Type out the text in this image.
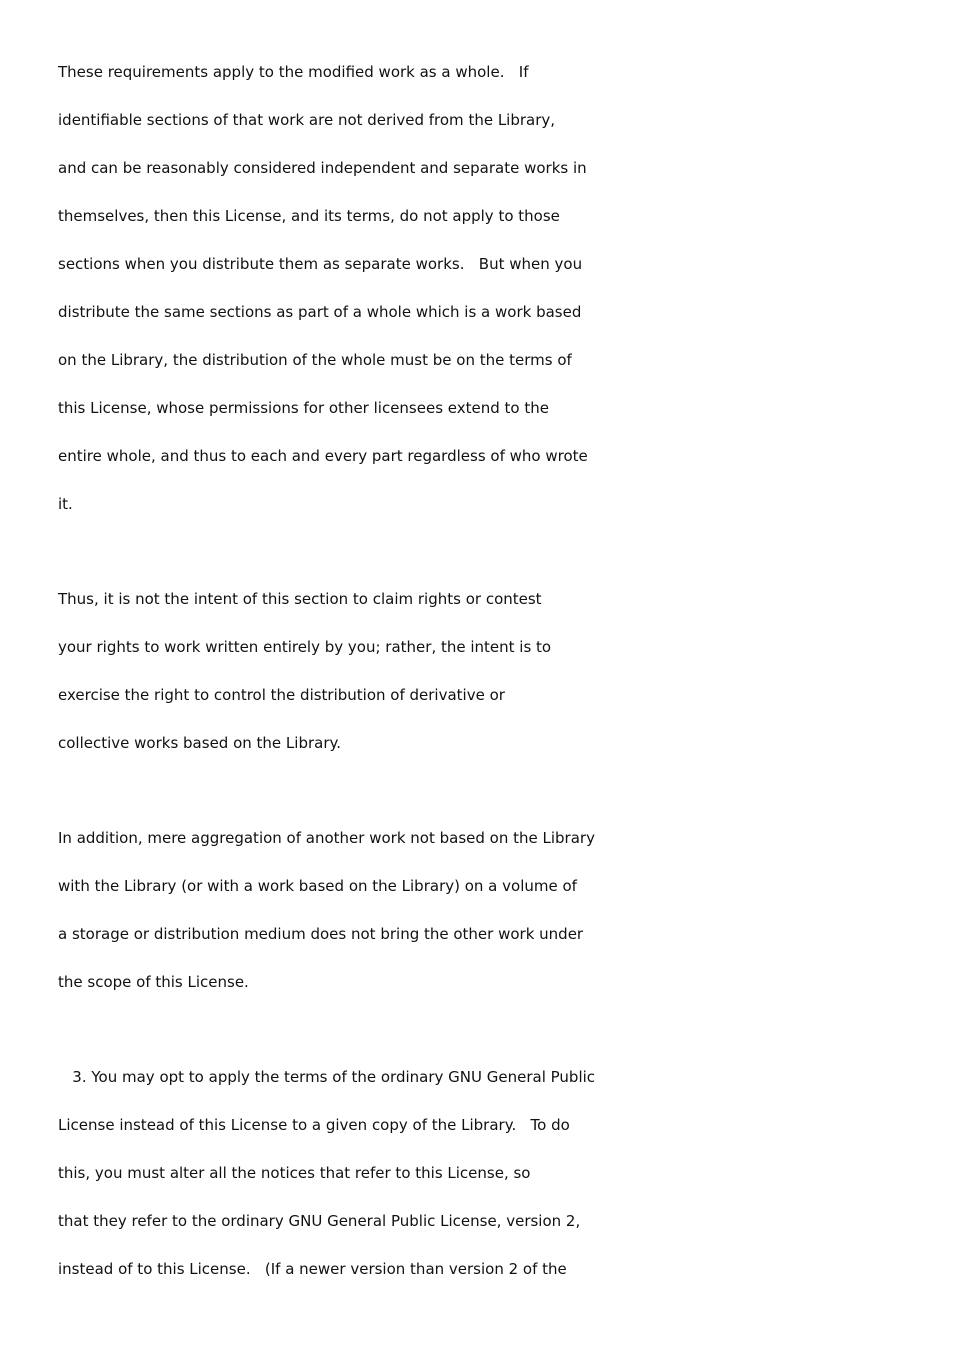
These requirements apply to the modified work as a whole.   If
identifiable sections of that work are not derived from the Library,
and can be reasonably considered independent and separate works in
themselves, then this License, and its terms, do not apply to those
sections when you distribute them as separate works.   But when you
distribute the same sections as part of a whole which is a work based
on the Library, the distribution of the whole must be on the terms of
this License, whose permissions for other licensees extend to the
entire whole, and thus to each and every part regardless of who wrote
it.
Thus, it is not the intent of this section to claim rights or contest
your rights to work written entirely by you; rather, the intent is to
exercise the right to control the distribution of derivative or
collective works based on the Library.
In addition, mere aggregation of another work not based on the Library
with the Library (or with a work based on the Library) on a volume of
a storage or distribution medium does not bring the other work under
the scope of this License.
3. You may opt to apply the terms of the ordinary GNU General Public
License instead of this License to a given copy of the Library.   To do
this, you must alter all the notices that refer to this License, so
that they refer to the ordinary GNU General Public License, version 2,
instead of to this License.   (If a newer version than version 2 of the
